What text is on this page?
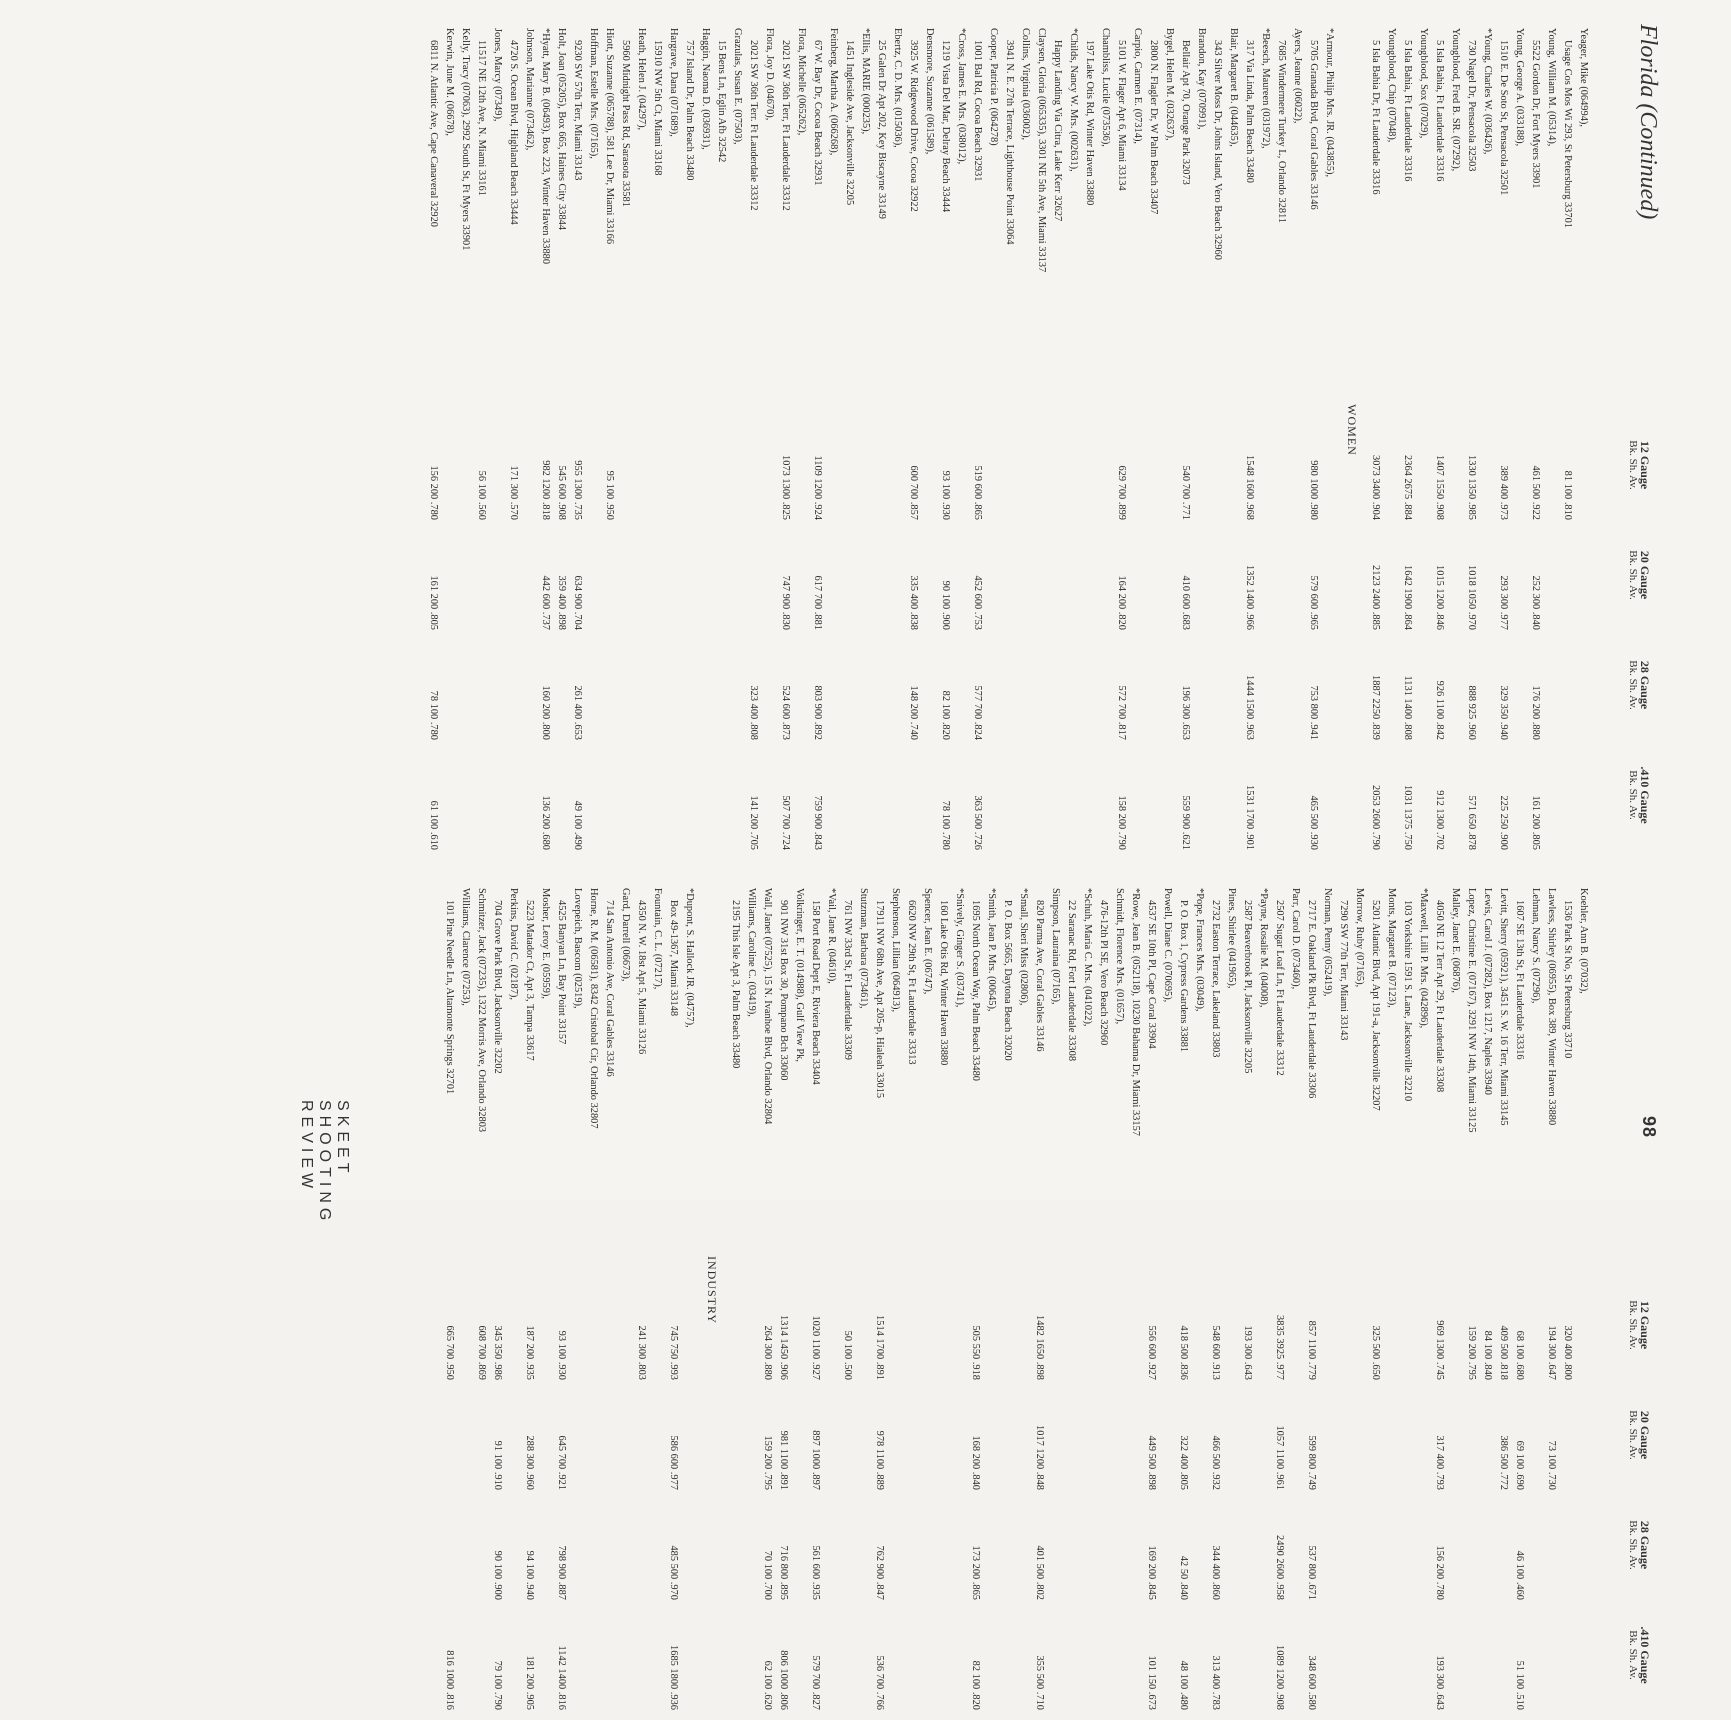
Florida (Continued)
98
12 Gauge
Bk. Sh. Av.
20 Gauge
Bk. Sh. Av.
28 Gauge
Bk. Sh. Av.
.410 Gauge
Bk. Sh. Av.
Yeager, Mike (064994),
Usage Cos Mos Wi 293, St Petersburg 33701
81 100 .810
Young, William M. (05314),
5522 Gordon Dr, Fort Myers 33901
461 500 .922
252 300 .840
176 200 .880
161 200 .805
Young, George A. (033188),
1510 E. De Soto St, Pensacola 32501
389 400 .973
293 300 .977
329 350 .940
225 250 .900
*Young, Charles W. (036426),
730 Nagel Dr, Pensacola 32503
1330 1350 .985
1018 1050 .970
888 925 .960
571 650 .878
Youngblood, Fred B. SR. (07292),
5 Isla Bahia, Ft Lauderdale 33316
1407 1550 .908
1015 1200 .846
926 1100 .842
912 1300 .702
Youngblood, Sox (07029),
5 Isla Bahia, Ft Lauderdale 33316
2364 2675 .884
1642 1900 .864
1131 1400 .808
1031 1375 .750
Youngblood, Chip (07048),
5 Isla Bahia Dr, Ft Lauderdale 33316
3073 3400 .904
2123 2400 .885
1887 2250 .839
2053 2600 .790
WOMEN
*Armour, Philip Mrs. JR. (043855),
5705 Granada Blvd, Coral Gables 33146
980 1000 .980
579 600 .965
753 800 .941
465 500 .930
Ayers, Jeanne (06022),
7685 Windermere Turkey L, Orlando 32811
*Beesch, Maureen (031972),
317 Via Linda, Palm Beach 33480
1548 1600 .968
1352 1400 .966
1444 1500 .963
1531 1700 .901
Blair, Margaret B. (044635),
343 Silver Moss Dr, Johns Island, Vero Beach 32960
Brandon, Kay (070991),
Bellair Apt 70, Orange Park 32073
540 700 .771
410 600 .683
196 300 .653
559 900 .621
Bygel, Helen M. (032637),
2800 N. Flagler Dr, W Palm Beach 33407
Carpio, Carmen E. (07314),
5101 W. Flager Apt 6, Miami 33134
629 700 .899
164 200 .820
572 700 .817
158 200 .790
Chambliss, Lucile (073536),
197 Lake Otis Rd, Winter Haven 33880
*Childs, Nancy W. Mrs. (002631),
Happy Landing Via Citra, Lake Kerr 32627
Claysen, Gloria (065335), 3301 NE 5th Ave, Miami 33137
Collins, Virginia (036002),
3941 N. E. 27th Terrace, Lighthouse Point 33064
Cooper, Patricia P. (064278)
1001 Bal Rd, Cocoa Beach 32931
519 600 .865
452 600 .753
577 700 .824
363 500 .726
*Cross, James E. Mrs. (038012),
1219 Vista Del Mar, Delray Beach 33444
93 100 .930
90 100 .900
82 100 .820
78 100 .780
Densmore, Suzanne (061589),
3925 W. Ridgewood Drive, Cocoa 32922
600 700 .857
335 400 .838
148 200 .740
Ebertz, C. D. Mrs. (015036),
25 Galen Dr Apt 202, Key Biscayne 33149
*Ellis, MARIE (000235),
1451 Ingleside Ave, Jacksonville 32205
Feinberg, Martha A. (066268),
67 W. Bay Dr, Cocoa Beach 32931
1109 1200 .924
617 700 .881
803 900 .892
759 900 .843
Flora, Michelle (065262),
2021 SW 36th Terr, Ft Lauderdale 33312
1073 1300 .825
747 900 .830
524 600 .873
507 700 .724
Flora, Joy D. (04670),
2021 SW 36th Terr. Ft Lauderdale 33312
323 400 .808
141 200 .705
Grazulas, Susan E. (07503),
15 Bens Ln, Eglin Afb 32542
Haggin, Naoma D. (036931),
757 Island Dr, Palm Beach 33480
Hargrave, Dana (071689),
15910 NW 5th Ct, Miami 33168
Heath, Helen J. (04297),
5960 Midnight Pass Rd, Sarasota 33581
Hiott, Suzanne (065788), 581 Lee Dr, Miami 33166
95 100 .950
Hoffman, Estelle Mrs. (07165),
9230 SW 57th Terr, Miami 33143
955 1300 .735
634 900 .704
261 400 .653
49 100 .490
Holt, Joan (05205), Box 665, Haines City 33844
545 600 .908
359 400 .898
*Hyatt, Mary B. (06493), Box 223, Winter Haven 33880
982 1200 .818
442 600 .737
160 200 .800
136 200 .680
Johnson, Marianne (073462),
4720 S. Ocean Blvd, Highland Beach 33444
171 300 .570
Jones, Marcy (07349),
11517 NE 12th Ave, N. Miami 33161
56 100 .560
Kelly, Tracy (07063), 2992 South St, Ft Myers 33901
Kerwin, June M. (06678),
6811 N. Atlantic Ave, Cape Canaveral 32920
156 200 .780
161 200 .805
78 100 .780
61 100 .610
12 Gauge
Bk. Sh. Av.
20 Gauge
Bk. Sh. Av.
28 Gauge
Bk. Sh. Av.
.410 Gauge
Bk. Sh. Av.
Koehler, Ann B. (07032),
1536 Park St No, St Petersburg 33710
320 400 .800
Lawless, Shirley (06955), Box 389, Winter Haven 33880
194 300 .647
73 100 .730
Lehman, Nancy S. (07296),
1607 SE 13th St, Ft Lauderdale 33316
68 100 .680
69 100 .690
46 100 .460
51 100 .510
Levitt, Sherry (05921), 3451 S. W. 16 Terr, Miami 33145
409 500 .818
386 500 .772
Lewis, Carol J. (07282), Box 1217, Naples 33940
84 100 .840
Lopez, Christine E. (07167), 3291 NW 14th, Miami 33125
159 200 .795
Malley, Janet E. (06876),
4050 NE 12 Terr Apt 29, Ft Lauderdale 33308
969 1300 .745
317 400 .793
156 200 .780
193 300 .643
*Maxwell, Lilli P. Mrs. (042896),
103 Yorkshire 1591 S. Lane, Jacksonville 32210
Monts, Margaret B. (07123),
5201 Atlantic Blvd, Apt 191-a, Jacksonville 32207
325 500 .650
Morrow, Ruby (07165),
7290 SW 77th Terr, Miami 33143
Norman, Penny (052419),
2717 E. Oakland Pk Blvd, Ft Lauderdale 33306
857 1100 .779
599 800 .749
537 800 .671
348 600 .580
Parr, Carol D. (073460),
2507 Sugar Loaf Ln, Ft Lauderdale 33312
3835 3925 .977
1057 1100 .961
2490 2600 .958
1089 1200 .908
*Payne, Rosalie M. (04008),
2587 Beaverbrook Pl, Jacksonville 32205
193 300 .643
Pines, Shirlee (041965),
2732 Easton Terrace, Lakeland 33803
548 600 .913
466 500 .932
344 400 .860
313 400 .783
*Pope, Frances Mrs. (03049),
P. O. Box 1, Cypress Gardens 33881
418 500 .836
322 400 .805
42 50 .840
48 100 .480
Powell, Diane C. (070695),
4537 SE 10th Pl, Cape Coral 33904
556 600 .927
449 500 .898
169 200 .845
101 150 .673
*Rowe, Jean B. (052118), 10230 Bahama Dr, Miami 33157
Schmidt, Florence Mrs. (01657),
476-12th Pl SE, Vero Beach 32960
*Schuh, Maria C. Mrs. (041022),
22 Saranac Rd, Fort Lauderdale 33308
Simpson, Lauraina (07165),
820 Parma Ave, Coral Gables 33146
1482 1650 .898
1017 1200 .848
401 500 .802
355 500 .710
*Small, Sheri Miss (02806),
P. O. Box 5665, Daytona Beach 32020
*Smith, Jean P. Mrs. (00645),
1695 North Ocean Way, Palm Beach 33480
505 550 .918
168 200 .840
173 200 .865
82 100 .820
*Snively, Ginger S. (03741),
160 Lake Otis Rd, Winter Haven 33880
Spencer, Jean E. (06747),
6620 NW 29th St, Ft Lauderdale 33313
Stephenson, Lillian (064913),
17911 NW 68th Ave, Apt 205-p, Hialeah 33015
1514 1700 .891
978 1100 .889
762 900 .847
536 700 .766
Stutzman, Barbara (073461),
761 NW 33rd St, Ft Lauderdale 33309
50 100 .500
*Vail, Jane R. (04610),
158 Port Road Dept E, Riviera Beach 33404
1020 1100 .927
897 1000 .897
561 600 .935
579 700 .827
Volkringer, E. T. (014988), Gulf View Pk,
901 NW 31st Box 30, Pompano Bch 33060
1314 1450 .906
981 1100 .891
716 800 .895
806 1000 .806
Wall, Janet (07525), 15 N. Ivanhoe Blvd, Orlando 32804
264 300 .880
159 200 .795
70 100 .700
62 100 .620
Williams, Caroline C. (03419),
2195 This Isle Apt 3, Palm Beach 33480
INDUSTRY
*Dupont, S. Hallock JR. (04757),
Box 49-1367, Miami 33148
745 750 .993
586 600 .977
485 500 .970
1685 1800 .936
Fountain, C. L. (07217),
4350 N. W. 18st Apt 5, Miami 33126
241 300 .803
Gard, Darrell (06673),
714 San Antonio Ave, Coral Gables 33146
Horne, R. M. (06581), 8342 Cristobal Cir, Orlando 32807
Lovepeich, Bascom (02519),
4525 Banyan Ln, Bay Point 33157
93 100 .930
645 700 .921
798 900 .887
1142 1400 .816
Mosher, Leroy E. (05959),
5223 Matador Ct, Apt 3, Tampa 33617
187 200 .935
288 300 .960
94 100 .940
181 200 .905
Perkins, David C. (02187),
704 Grove Park Blvd, Jacksonville 32202
345 350 .986
91 100 .910
90 100 .900
79 100 .790
Schmitzer, Jack (07235), 1322 Morris Ave, Orlando 32803
608 700 .869
Williams, Clarence (07253),
101 Pine Needle Ln, Altamonte Springs 32701
665 700 .950
816 1000 .816
SKEET SHOOTING REVIEW
